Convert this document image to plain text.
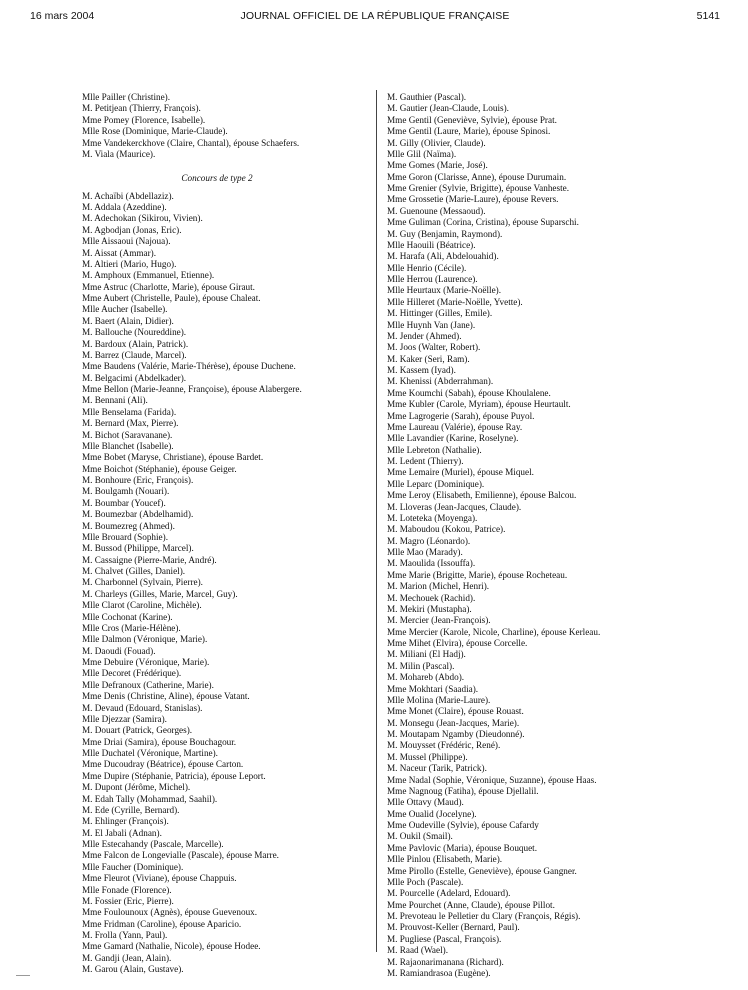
16 mars 2004	JOURNAL OFFICIEL DE LA RÉPUBLIQUE FRANÇAISE	5141
Mlle Pailler (Christine).
M. Petitjean (Thierry, François).
Mme Pomey (Florence, Isabelle).
Mlle Rose (Dominique, Marie-Claude).
Mme Vandekerckhove (Claire, Chantal), épouse Schaefers.
M. Viala (Maurice).
Concours de type 2
M. Achaïbi (Abdellaziz).
M. Addala (Azeddine).
M. Adechokan (Sikirou, Vivien).
M. Agbodjan (Jonas, Eric).
Mlle Aissaoui (Najoua).
M. Aissat (Ammar).
M. Altieri (Mario, Hugo).
M. Amphoux (Emmanuel, Etienne).
Mme Astruc (Charlotte, Marie), épouse Giraut.
Mme Aubert (Christelle, Paule), épouse Chaleat.
Mlle Aucher (Isabelle).
M. Baert (Alain, Didier).
M. Ballouche (Noureddine).
M. Bardoux (Alain, Patrick).
M. Barrez (Claude, Marcel).
Mme Baudens (Valérie, Marie-Thérèse), épouse Duchene.
M. Belgacimi (Abdelkader).
Mme Bellon (Marie-Jeanne, Françoise), épouse Alabergere.
M. Bennani (Ali).
Mlle Benselama (Farida).
M. Bernard (Max, Pierre).
M. Bichot (Saravanane).
Mlle Blanchet (Isabelle).
Mme Bobet (Maryse, Christiane), épouse Bardet.
Mme Boichot (Stéphanie), épouse Geiger.
M. Bonhoure (Eric, François).
M. Boulgamh (Nouari).
M. Boumbar (Youcef).
M. Boumezbar (Abdelhamid).
M. Boumezreg (Ahmed).
Mlle Brouard (Sophie).
M. Bussod (Philippe, Marcel).
M. Cassaigne (Pierre-Marie, André).
M. Chalvet (Gilles, Daniel).
M. Charbonnel (Sylvain, Pierre).
M. Charleys (Gilles, Marie, Marcel, Guy).
Mlle Clarot (Caroline, Michèle).
Mlle Cochonat (Karine).
Mlle Cros (Marie-Hélène).
Mlle Dalmon (Véronique, Marie).
M. Daoudi (Fouad).
Mme Debuire (Véronique, Marie).
Mlle Decoret (Frédérique).
Mlle Defranoux (Catherine, Marie).
Mme Denis (Christine, Aline), épouse Vatant.
M. Devaud (Edouard, Stanislas).
Mlle Djezzar (Samira).
M. Douart (Patrick, Georges).
Mme Driai (Samira), épouse Bouchagour.
Mlle Duchatel (Véronique, Martine).
Mme Ducoudray (Béatrice), épouse Carton.
Mme Dupire (Stéphanie, Patricia), épouse Leport.
M. Dupont (Jérôme, Michel).
M. Edah Tally (Mohammad, Saahil).
M. Ede (Cyrille, Bernard).
M. Ehlinger (François).
M. El Jabali (Adnan).
Mlle Estecahandy (Pascale, Marcelle).
Mme Falcon de Longevialle (Pascale), épouse Marre.
Mlle Faucher (Dominique).
Mme Fleurot (Viviane), épouse Chappuis.
Mlle Fonade (Florence).
M. Fossier (Eric, Pierre).
Mme Foulounoux (Agnès), épouse Guevenoux.
Mme Fridman (Caroline), épouse Aparicio.
M. Frolla (Yann, Paul).
Mme Gamard (Nathalie, Nicole), épouse Hodee.
M. Gandji (Jean, Alain).
M. Garou (Alain, Gustave).
M. Gauthier (Pascal).
M. Gautier (Jean-Claude, Louis).
Mme Gentil (Geneviève, Sylvie), épouse Prat.
Mme Gentil (Laure, Marie), épouse Spinosi.
M. Gilly (Olivier, Claude).
Mlle Glil (Naïma).
Mme Gomes (Marie, José).
Mme Goron (Clarisse, Anne), épouse Durumain.
Mme Grenier (Sylvie, Brigitte), épouse Vanheste.
Mme Grossetie (Marie-Laure), épouse Revers.
M. Guenoune (Messaoud).
Mme Guliman (Corina, Cristina), épouse Suparschi.
M. Guy (Benjamin, Raymond).
Mlle Haouili (Béatrice).
M. Harafa (Ali, Abdelouahid).
Mlle Henrio (Cécile).
Mlle Herrou (Laurence).
Mlle Heurtaux (Marie-Noëlle).
Mlle Hilleret (Marie-Noëlle, Yvette).
M. Hittinger (Gilles, Emile).
Mlle Huynh Van (Jane).
M. Jender (Ahmed).
M. Joos (Walter, Robert).
M. Kaker (Seri, Ram).
M. Kassem (Iyad).
M. Khenissi (Abderrahman).
Mme Koumchi (Sabah), épouse Khoulalene.
Mme Kubler (Carole, Myriam), épouse Heurtault.
Mme Lagrogerie (Sarah), épouse Puyol.
Mme Laureau (Valérie), épouse Ray.
Mlle Lavandier (Karine, Roselyne).
Mlle Lebreton (Nathalie).
M. Ledent (Thierry).
Mme Lemaire (Muriel), épouse Miquel.
Mlle Leparc (Dominique).
Mme Leroy (Elisabeth, Emilienne), épouse Balcou.
M. Lloveras (Jean-Jacques, Claude).
M. Loteteka (Moyenga).
M. Maboudou (Kokou, Patrice).
M. Magro (Léonardo).
Mlle Mao (Marady).
M. Maoulida (Issouffa).
Mme Marie (Brigitte, Marie), épouse Rocheteau.
M. Marion (Michel, Henri).
M. Mechouek (Rachid).
M. Mekiri (Mustapha).
M. Mercier (Jean-François).
Mme Mercier (Karole, Nicole, Charline), épouse Kerleau.
Mme Mihet (Elvira), épouse Corcelle.
M. Miliani (El Hadj).
M. Milin (Pascal).
M. Mohareb (Abdo).
Mme Mokhtari (Saadia).
Mlle Molina (Marie-Laure).
Mme Monet (Claire), épouse Rouast.
M. Monsegu (Jean-Jacques, Marie).
M. Moutapam Ngamby (Dieudonné).
M. Mouysset (Frédéric, René).
M. Mussel (Philippe).
M. Naceur (Tarik, Patrick).
Mme Nadal (Sophie, Véronique, Suzanne), épouse Haas.
Mme Nagnoug (Fatiha), épouse Djellalil.
Mlle Ottavy (Maud).
Mme Oualid (Jocelyne).
Mme Oudeville (Sylvie), épouse Cafardy
M. Oukil (Smail).
Mme Pavlovic (Maria), épouse Bouquet.
Mlle Pinlou (Elisabeth, Marie).
Mme Pirollo (Estelle, Geneviève), épouse Gangner.
Mlle Poch (Pascale).
M. Pourcelle (Adelard, Edouard).
Mme Pourchet (Anne, Claude), épouse Pillot.
M. Prevoteau le Pelletier du Clary (François, Régis).
M. Prouvost-Keller (Bernard, Paul).
M. Pugliese (Pascal, François).
M. Raad (Wael).
M. Rajaonarimanana (Richard).
M. Ramiandrasoa (Eugène).
